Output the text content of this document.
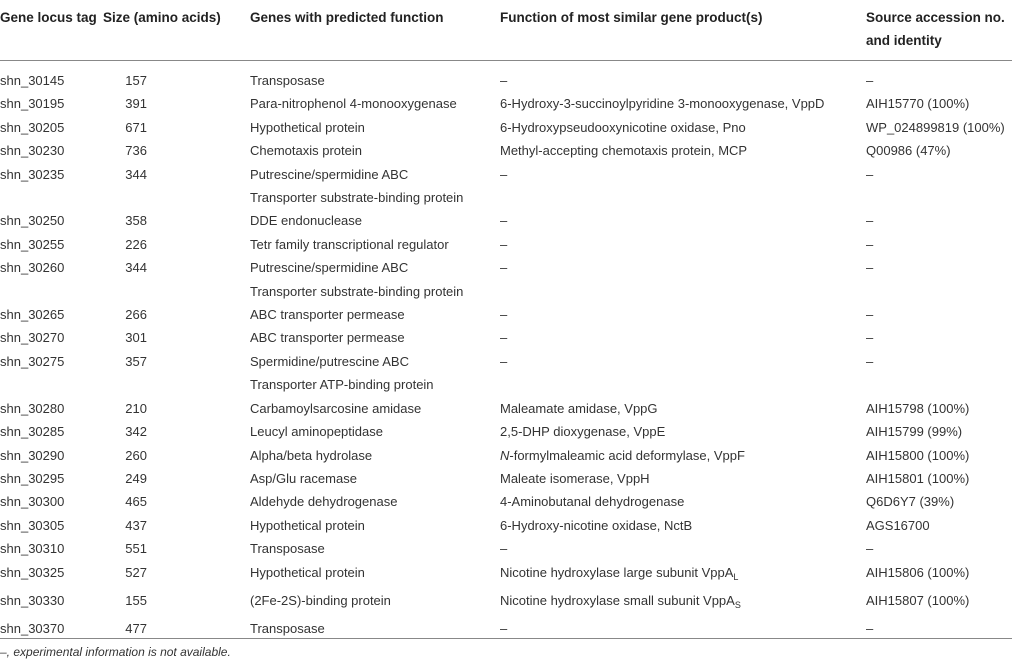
Gene locus tag	Size (amino acids)	Genes with predicted function	Function of most similar gene product(s)	Source accession no. and identity
shn_30145	157	Transposase	–	–
shn_30195	391	Para-nitrophenol 4-monooxygenase	6-Hydroxy-3-succinoylpyridine 3-monooxygenase, VppD	AIH15770 (100%)
shn_30205	671	Hypothetical protein	6-Hydroxypseudooxynicotine oxidase, Pno	WP_024899819 (100%)
shn_30230	736	Chemotaxis protein	Methyl-accepting chemotaxis protein, MCP	Q00986 (47%)
shn_30235	344	Putrescine/spermidine ABC
Transporter substrate-binding protein	–	–
shn_30250	358	DDE endonuclease	–	–
shn_30255	226	Tetr family transcriptional regulator	–	–
shn_30260	344	Putrescine/spermidine ABC
Transporter substrate-binding protein	–	–
shn_30265	266	ABC transporter permease	–	–
shn_30270	301	ABC transporter permease	–	–
shn_30275	357	Spermidine/putrescine ABC
Transporter ATP-binding protein	–	–
shn_30280	210	Carbamoylsarcosine amidase	Maleamate amidase, VppG	AIH15798 (100%)
shn_30285	342	Leucyl aminopeptidase	2,5-DHP dioxygenase, VppE	AIH15799 (99%)
shn_30290	260	Alpha/beta hydrolase	N-formylmaleamic acid deformylase, VppF	AIH15800 (100%)
shn_30295	249	Asp/Glu racemase	Maleate isomerase, VppH	AIH15801 (100%)
shn_30300	465	Aldehyde dehydrogenase	4-Aminobutanal dehydrogenase	Q6D6Y7 (39%)
shn_30305	437	Hypothetical protein	6-Hydroxy-nicotine oxidase, NctB	AGS16700
shn_30310	551	Transposase	–	–
shn_30325	527	Hypothetical protein	Nicotine hydroxylase large subunit VppA$_L$	AIH15806 (100%)
shn_30330	155	(2Fe-2S)-binding protein	Nicotine hydroxylase small subunit VppA$_S$	AIH15807 (100%)
shn_30370	477	Transposase	–	–
–, experimental information is not available.
